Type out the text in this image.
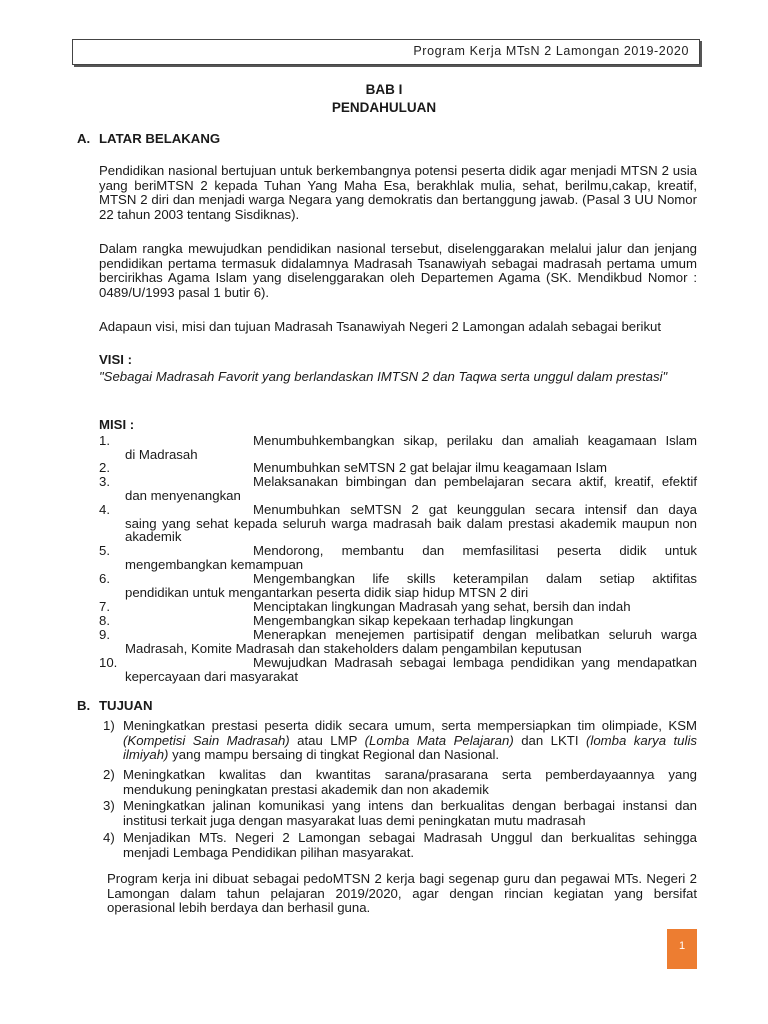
Program Kerja MTsN 2 Lamongan 2019-2020
BAB I
PENDAHULUAN
A. LATAR BELAKANG
Pendidikan nasional bertujuan untuk berkembangnya potensi peserta didik agar menjadi MTSN 2 usia yang beriMTSN 2 kepada Tuhan Yang Maha Esa, berakhlak mulia, sehat, berilmu,cakap, kreatif, MTSN 2 diri dan menjadi warga Negara yang demokratis dan bertanggung jawab. (Pasal 3 UU Nomor 22 tahun 2003 tentang Sisdiknas).
Dalam rangka mewujudkan pendidikan nasional tersebut, diselenggarakan melalui jalur dan jenjang pendidikan pertama termasuk didalamnya Madrasah Tsanawiyah sebagai madrasah pertama umum bercirikhas Agama Islam yang diselenggarakan oleh Departemen Agama (SK. Mendikbud Nomor : 0489/U/1993 pasal 1 butir 6).
Adapaun visi, misi dan tujuan Madrasah Tsanawiyah Negeri 2 Lamongan adalah sebagai berikut
VISI :
"Sebagai Madrasah Favorit yang berlandaskan IMTSN 2 dan Taqwa serta unggul dalam prestasi"
MISI :
1.	Menumbuhkembangkan sikap, perilaku dan amaliah keagamaan Islam
di Madrasah
2.	Menumbuhkan seMTSN 2 gat belajar ilmu keagamaan Islam
3.	Melaksanakan bimbingan dan pembelajaran secara aktif, kreatif, efektif
dan menyenangkan
4.	Menumbuhkan seMTSN 2 gat keunggulan secara intensif dan daya
saing yang sehat kepada seluruh warga madrasah baik dalam prestasi akademik maupun non akademik
5.	Mendorong, membantu dan memfasilitasi peserta didik untuk
mengembangkan kemampuan
6.	Mengembangkan life skills keterampilan dalam setiap aktifitas
pendidikan untuk mengantarkan peserta didik siap hidup MTSN 2 diri
7.	Menciptakan lingkungan Madrasah yang sehat, bersih dan indah
8.	Mengembangkan sikap kepekaan terhadap lingkungan
9.	Menerapkan menejemen partisipatif dengan melibatkan seluruh warga
Madrasah, Komite Madrasah dan stakeholders dalam pengambilan keputusan
10.	Mewujudkan Madrasah sebagai lembaga pendidikan yang mendapatkan
kepercayaan dari masyarakat
B. TUJUAN
1) Meningkatkan prestasi peserta didik secara umum, serta mempersiapkan tim olimpiade, KSM (Kompetisi Sain Madrasah) atau LMP (Lomba Mata Pelajaran) dan LKTI (lomba karya tulis ilmiyah) yang mampu bersaing di tingkat Regional dan Nasional.
2) Meningkatkan kwalitas dan kwantitas sarana/prasarana serta pemberdayaannya yang mendukung peningkatan prestasi akademik dan non akademik
3) Meningkatkan jalinan komunikasi yang intens dan berkualitas dengan berbagai instansi dan institusi terkait juga dengan masyarakat luas demi peningkatan mutu madrasah
4) Menjadikan MTs. Negeri 2 Lamongan sebagai Madrasah Unggul dan berkualitas sehingga menjadi Lembaga Pendidikan pilihan masyarakat.
Program kerja ini dibuat sebagai pedoMTSN 2 kerja bagi segenap guru dan pegawai MTs. Negeri 2 Lamongan dalam tahun pelajaran 2019/2020, agar dengan rincian kegiatan yang bersifat operasional lebih berdaya dan berhasil guna.
1
